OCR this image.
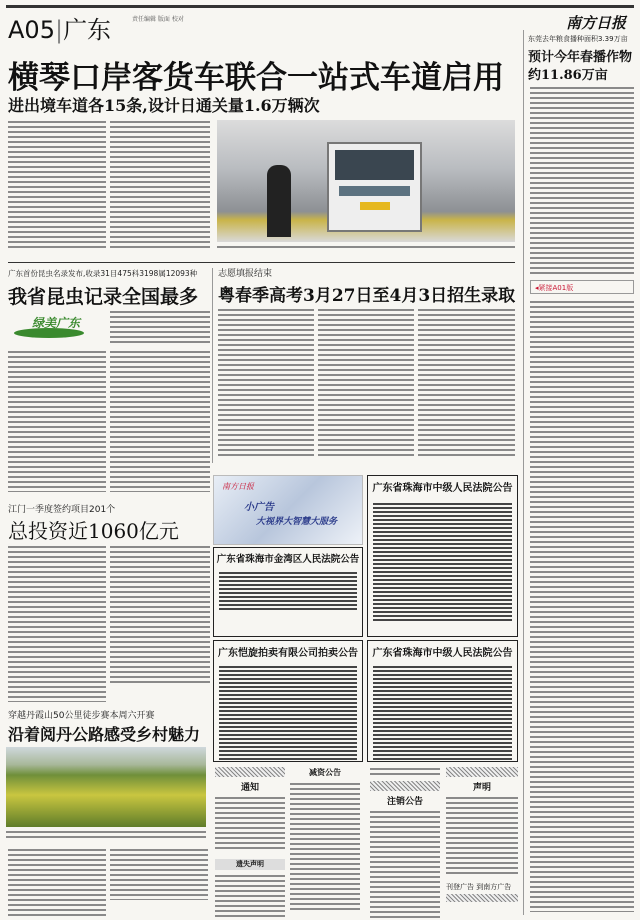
A05|广东	责任编辑 版面 校对	南方日报
横琴口岸客货车联合一站式车道启用
进出境车道各15条,设计日通关量1.6万辆次
东莞去年粮食播种面积3.39万亩
预计今年春播作物
约11.86万亩
◂紧接A01版
广东首份昆虫名录发布,收录31目475科3198属12093种
我省昆虫记录全国最多
绿美广东
志愿填报结束
粤春季高考3月27日至4月3日招生录取
江门一季度签约项目201个
总投资近1060亿元
穿越丹霞山50公里徒步赛本周六开赛
沿着阅丹公路感受乡村魅力
南方日报
小广告
大视界大智慧大服务
广东省珠海市金湾区人民法院公告
广东省珠海市中级人民法院公告
广东恺旋拍卖有限公司拍卖公告	广东省珠海市中级人民法院公告
通知
遗失声明
减资公告
注销公告
声明
刊登广告 到南方广告
